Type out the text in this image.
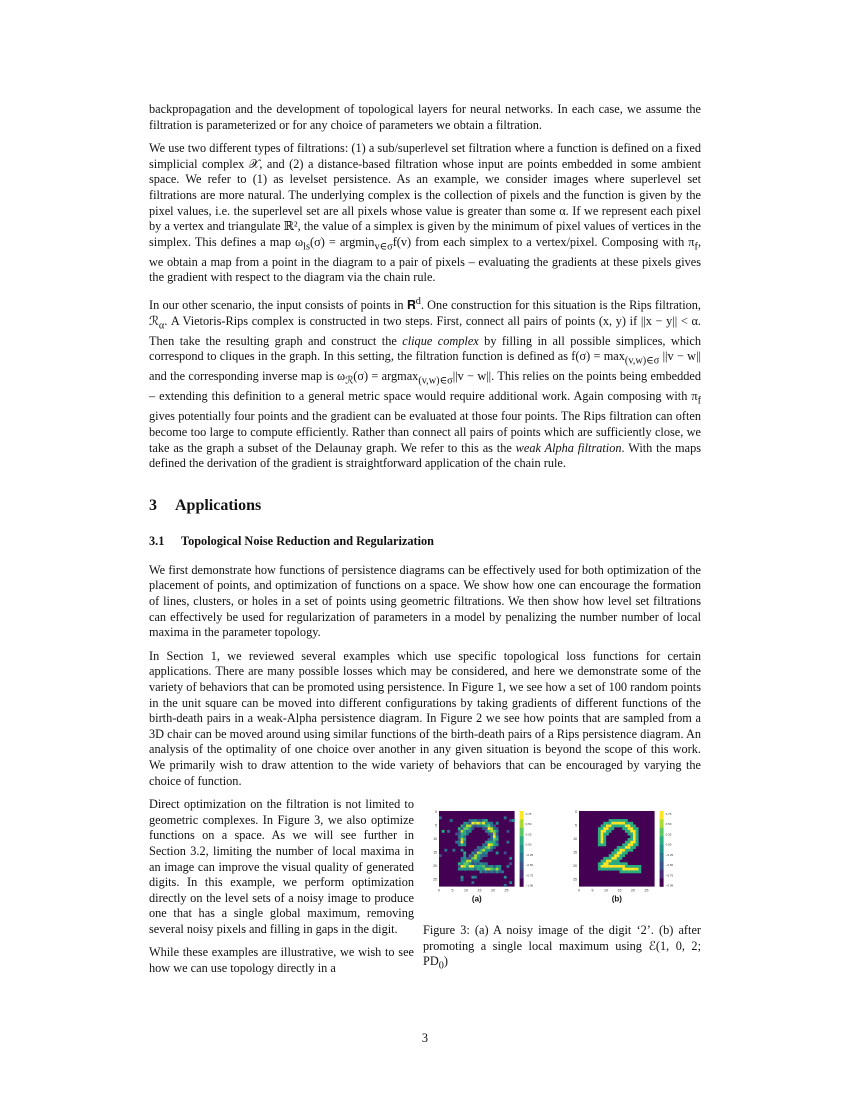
backpropagation and the development of topological layers for neural networks. In each case, we assume the filtration is parameterized or for any choice of parameters we obtain a filtration.

We use two different types of filtrations: (1) a sub/superlevel set filtration where a function is defined on a fixed simplicial complex 𝒳, and (2) a distance-based filtration whose input are points embedded in some ambient space. We refer to (1) as levelset persistence. As an example, we consider images where superlevel set filtrations are more natural. The underlying complex is the collection of pixels and the function is given by the pixel values, i.e. the superlevel set are all pixels whose value is greater than some α. If we represent each pixel by a vertex and triangulate ℝ², the value of a simplex is given by the minimum of pixel values of vertices in the simplex. This defines a map $\omega_{ls}(\sigma) = argmin_{v\in\sigma}f(v)$ from each simplex to a vertex/pixel. Composing with $\pi_f$, we obtain a map from a point in the diagram to a pair of pixels – evaluating the gradients at these pixels gives the gradient with respect to the diagram via the chain rule.

In our other scenario, the input consists of points in 𝐑$^d$. One construction for this situation is the Rips filtration, ℛ$_\alpha$. A Vietoris-Rips complex is constructed in two steps. First, connect all pairs of points (x, y) if ||x − y|| < α. Then take the resulting graph and construct the clique complex by filling in all possible simplices, which correspond to cliques in the graph. In this setting, the filtration function is defined as $f(\sigma) = \max_{(v,w)\in\sigma} ||v - w||$ and the corresponding inverse map is $\omega_ℛ(\sigma) = argmax_{(v,w)\in\sigma}||v - w||$. This relies on the points being embedded – extending this definition to a general metric space would require additional work. Again composing with $\pi_f$ gives potentially four points and the gradient can be evaluated at those four points. The Rips filtration can often become too large to compute efficiently. Rather than connect all pairs of points which are sufficiently close, we take as the graph a subset of the Delaunay graph. We refer to this as the weak Alpha filtration. With the maps defined the derivation of the gradient is straightforward application of the chain rule.

3 Applications
3.1 Topological Noise Reduction and Regularization

We first demonstrate how functions of persistence diagrams can be effectively used for both optimization of the placement of points, and optimization of functions on a space. We show how one can encourage the formation of lines, clusters, or holes in a set of points using geometric filtrations. We then show how level set filtrations can effectively be used for regularization of parameters in a model by penalizing the number number of local maxima in the parameter topology.

In Section 1, we reviewed several examples which use specific topological loss functions for certain applications. There are many possible losses which may be considered, and here we demonstrate some of the variety of behaviors that can be promoted using persistence. In Figure 1, we see how a set of 100 random points in the unit square can be moved into different configurations by taking gradients of different functions of the birth-death pairs in a weak-Alpha persistence diagram. In Figure 2 we see how points that are sampled from a 3D chair can be moved around using similar functions of the birth-death pairs of a Rips persistence diagram. An analysis of the optimality of one choice over another in any given situation is beyond the scope of this work. We primarily wish to draw attention to the wide variety of behaviors that can be encouraged by varying the choice of function.

Direct optimization on the filtration is not limited to geometric complexes. In Figure 3, we also optimize functions on a space. As we will see further in Section 3.2, limiting the number of local maxima in an image can improve the visual quality of generated digits. In this example, we perform optimization directly on the level sets of a noisy image to produce one that has a single global maximum, removing several noisy pixels and filling in gaps in the digit.

While these examples are illustrative, we wish to see how we can use topology directly in a

0
5
10
15
20
25
0	5	10	15	20	25
0.75
0.50
0.25
0.00
−0.25
−0.50
−0.75
−1.00
(a)
0
5
10
15
20
25
0	5	10	15	20	25
0.75
0.50
0.25
0.00
−0.25
−0.50
−0.75
−0.99
(b)
Figure 3: (a) A noisy image of the digit ‘2’. (b) after promoting a single local maximum using ℰ(1, 0, 2; $PD_0$)
3
